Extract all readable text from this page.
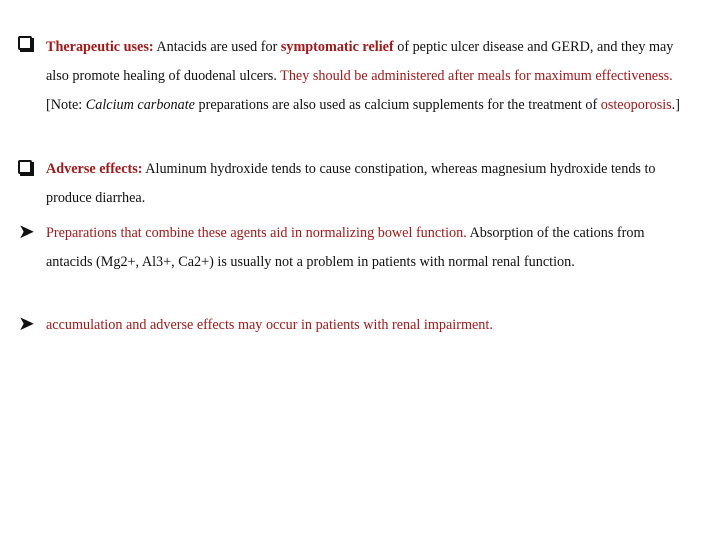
Therapeutic uses: Antacids are used for symptomatic relief of peptic ulcer disease and GERD, and they may also promote healing of duodenal ulcers. They should be administered after meals for maximum effectiveness. [Note: Calcium carbonate preparations are also used as calcium supplements for the treatment of osteoporosis.]

Adverse effects: Aluminum hydroxide tends to cause constipation, whereas magnesium hydroxide tends to produce diarrhea.

➤ Preparations that combine these agents aid in normalizing bowel function. Absorption of the cations from antacids (Mg2+, Al3+, Ca2+) is usually not a problem in patients with normal renal function.

➤ accumulation and adverse effects may occur in patients with renal impairment.
